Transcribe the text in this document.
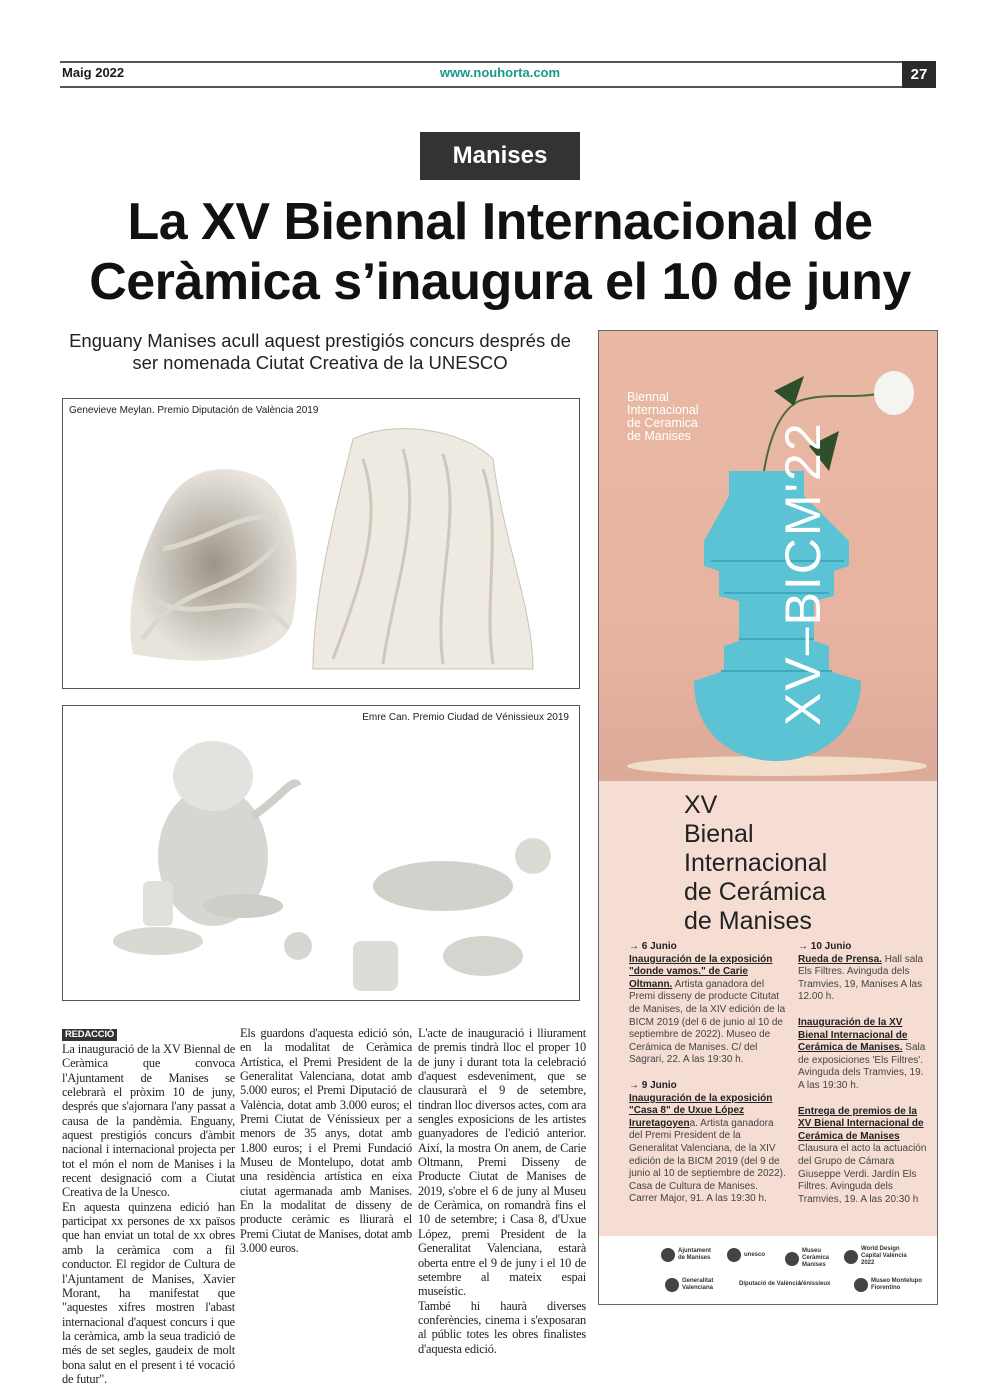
Maig 2022	www.nouhorta.com	27
Manises
La XV Biennal Internacional de Ceràmica s’inaugura el 10 de juny
Enguany Manises acull aquest prestigiós concurs després de ser nomenada Ciutat Creativa de la UNESCO
Genevieve Meylan. Premio Diputación de València 2019
Emre Can. Premio Ciudad de Vénissieux 2019
REDACCIÓ

La inauguració de la XV Biennal de Ceràmica que convoca l'Ajuntament de Manises se celebrarà el pròxim 10 de juny, després que s'ajornara l'any passat a causa de la pandèmia. Enguany, aquest prestigiós concurs d'àmbit nacional i internacional projecta per tot el món el nom de Manises i la recent designació com a Ciutat Creativa de la Unesco.

En aquesta quinzena edició han participat xx persones de xx països que han enviat un total de xx obres amb la ceràmica com a fil conductor. El regidor de Cultura de l'Ajuntament de Manises, Xavier Morant, ha manifestat que "aquestes xifres mostren l'abast internacional d'aquest concurs i que la ceràmica, amb la seua tradició de més de set segles, gaudeix de molt bona salut en el present i té vocació de futur".

Els guardons d'aquesta edició són, en la modalitat de Ceràmica Artística, el Premi President de la Generalitat Valenciana, dotat amb 5.000 euros; el Premi Diputació de València, dotat amb 3.000 euros; el Premi Ciutat de Vénissieux per a menors de 35 anys, dotat amb 1.800 euros; i el Premi Fundació Museu de Montelupo, dotat amb una residència artística en eixa ciutat agermanada amb Manises. En la modalitat de disseny de producte ceràmic es lliurarà el Premi Ciutat de Manises, dotat amb 3.000 euros.

L'acte de inauguració i lliurament de premis tindrà lloc el proper 10 de juny i durant tota la celebració d'aquest esdeveniment, que se clausurarà el 9 de setembre, tindran lloc diversos actes, com ara sengles exposicions de les artistes guanyadores de l'edició anterior. Així, la mostra On anem, de Carie Oltmann, Premi Disseny de Producte Ciutat de Manises de 2019, s'obre el 6 de juny al Museu de Ceràmica, on romandrà fins el 10 de setembre; i Casa 8, d'Uxue López, premi President de la Generalitat Valenciana, estarà oberta entre el 9 de juny i el 10 de setembre al mateix espai museístic.

També hi haurà diverses conferències, cinema i s'exposaran al públic totes les obres finalistes d'aquesta edició.

Biennal
Internacional
de Ceramica
de Manises XV–BICM'22
XV
Bienal
Internacional
de Cerámica
de Manises
→ 6 Junio
Inauguración de la exposición "donde vamos." de Carie Oltmann. Artista ganadora del Premi disseny de producte Citutat de Manises, de la XIV edición de la BICM 2019 (del 6 de junio al 10 de septiembre de 2022). Museo de Cerámica de Manises. C/ del Sagrari, 22. A las 19:30 h.
→ 9 Junio
Inauguración de la exposición "Casa 8" de Uxue López Iruretagoyena. Artista ganadora del Premi President de la Generalitat Valenciana, de la XIV edición de la BICM 2019 (del 9 de junio al 10 de septiembre de 2022). Casa de Cultura de Manises. Carrer Major, 91. A las 19:30 h.
→ 10 Junio
Rueda de Prensa. Hall sala Els Filtres. Avinguda dels Tramvies, 19, Manises A las 12.00 h.
Inauguración de la XV Bienal Internacional de Cerámica de Manises. Sala de exposiciones 'Els Filtres'. Avinguda dels Tramvies, 19. A las 19:30 h.
Entrega de premios de la XV Bienal Internacional de Cerámica de Manises Clausura el acto la actuación del Grupo de Cámara Giuseppe Verdi. Jardín Els Filtres. Avinguda dels Tramvies, 19. A las 20:30 h
Ajuntament de Manises
unesco
Museu Ceràmica Manises
World Design Capital València 2022
Generalitat Valenciana
Diputació de València
Vénissieux	Museo Montelupo Fiorentino
